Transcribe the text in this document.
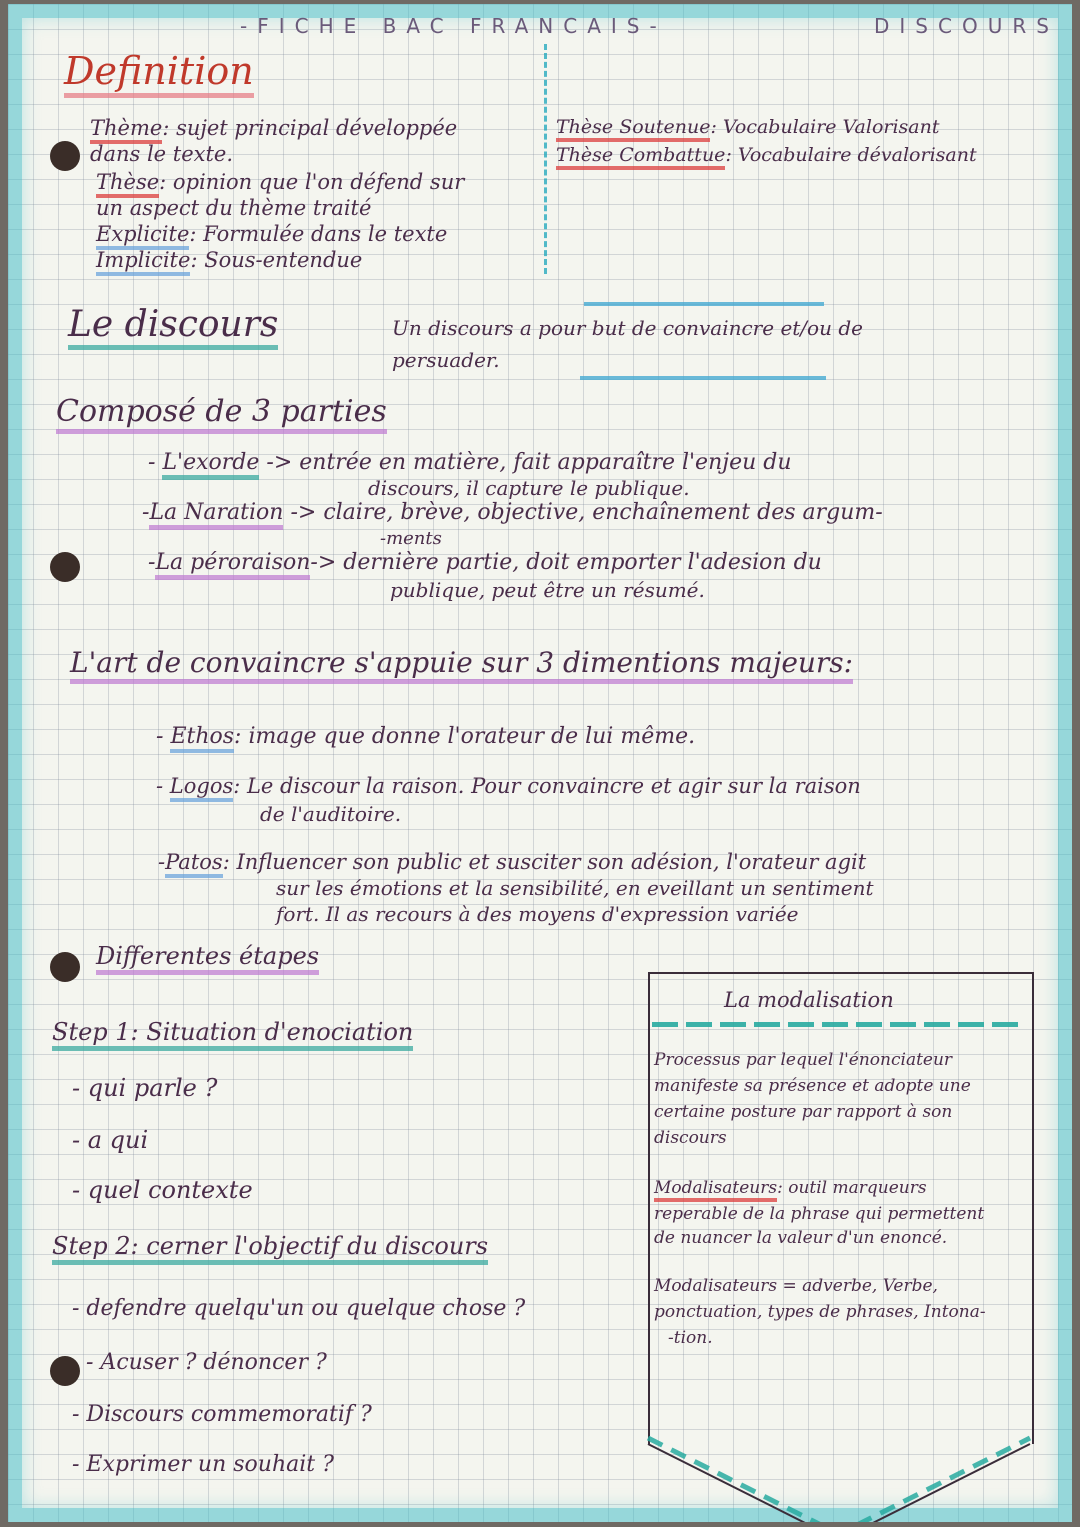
-FICHE BAC FRANCAIS-	DISCOURS
Definition
Thème: sujet principal développée
dans le texte.
Thèse: opinion que l'on défend sur
un aspect du thème traité
Explicite: Formulée dans le texte
Implicite: Sous-entendue
Thèse Soutenue: Vocabulaire Valorisant
Thèse Combattue: Vocabulaire dévalorisant
Le discours	Un discours a pour but de convaincre et/ou de
persuader.
Composé de 3 parties
- L'exorde -> entrée en matière, fait apparaître l'enjeu du
discours, il capture le publique.
-La Naration -> claire, brève, objective, enchaînement des argum-
-ments
-La péroraison-> dernière partie, doit emporter l'adesion du
publique, peut être un résumé.
L'art de convaincre s'appuie sur 3 dimentions majeurs:
- Ethos: image que donne l'orateur de lui même.
- Logos: Le discour la raison. Pour convaincre et agir sur la raison
de l'auditoire.
-Patos: Influencer son public et susciter son adésion, l'orateur agit
sur les émotions et la sensibilité, en eveillant un sentiment
fort. Il as recours à des moyens d'expression variée
Differentes étapes
Step 1: Situation d'enociation
- qui parle ?
- a qui
- quel contexte
Step 2: cerner l'objectif du discours
- defendre quelqu'un ou quelque chose ?
- Acuser ? dénoncer ?
- Discours commemoratif ?
- Exprimer un souhait ?
La modalisation
Processus par lequel l'énonciateur
manifeste sa présence et adopte une
certaine posture par rapport à son
discours
Modalisateurs: outil marqueurs
reperable de la phrase qui permettent
de nuancer la valeur d'un enoncé.
Modalisateurs = adverbe, Verbe,
ponctuation, types de phrases, Intona-
-tion.
